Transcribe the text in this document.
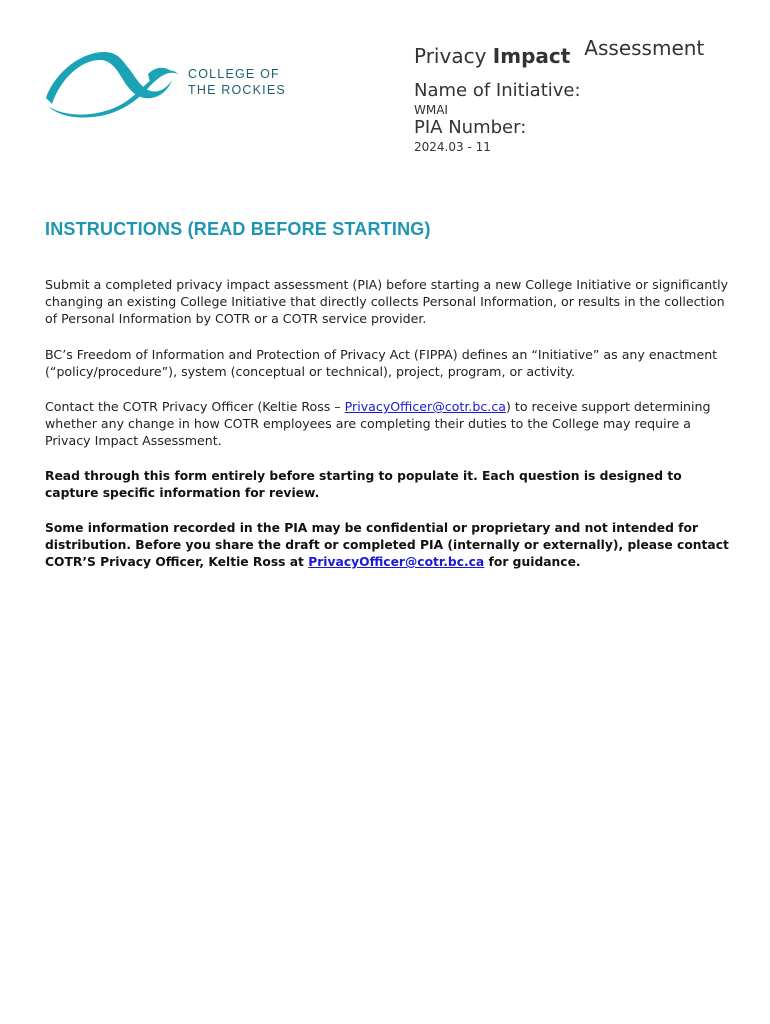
COLLEGE OF
THE ROCKIES
Privacy Impact Assessment
Name of Initiative:
WMAI
PIA Number:
2024.03 - 11
INSTRUCTIONS (READ BEFORE STARTING)

Submit a completed privacy impact assessment (PIA) before starting a new College Initiative or significantly changing an existing College Initiative that directly collects Personal Information, or results in the collection of Personal Information by COTR or a COTR service provider.

BC’s Freedom of Information and Protection of Privacy Act (FIPPA) defines an “Initiative” as any enactment (“policy/procedure”), system (conceptual or technical), project, program, or activity.

Contact the COTR Privacy Officer (Keltie Ross – PrivacyOfficer@cotr.bc.ca) to receive support determining whether any change in how COTR employees are completing their duties to the College may require a Privacy Impact Assessment.

Read through this form entirely before starting to populate it. Each question is designed to capture specific information for review.

Some information recorded in the PIA may be confidential or proprietary and not intended for distribution. Before you share the draft or completed PIA (internally or externally), please contact COTR’S Privacy Officer, Keltie Ross at PrivacyOfficer@cotr.bc.ca for guidance.
